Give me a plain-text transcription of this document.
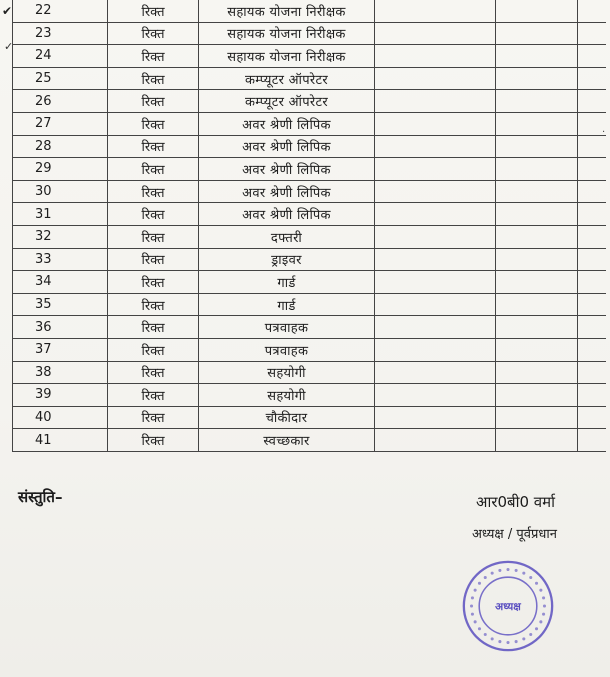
✔
✓
·
22	रिक्त	सहायक योजना निरीक्षक			
23	रिक्त	सहायक योजना निरीक्षक			
24	रिक्त	सहायक योजना निरीक्षक			
25	रिक्त	कम्प्यूटर ऑपरेटर			
26	रिक्त	कम्प्यूटर ऑपरेटर			
27	रिक्त	अवर श्रेणी लिपिक			
28	रिक्त	अवर श्रेणी लिपिक			
29	रिक्त	अवर श्रेणी लिपिक			
30	रिक्त	अवर श्रेणी लिपिक			
31	रिक्त	अवर श्रेणी लिपिक			
32	रिक्त	दफ्तरी			
33	रिक्त	ड्राइवर			
34	रिक्त	गार्ड			
35	रिक्त	गार्ड			
36	रिक्त	पत्रवाहक			
37	रिक्त	पत्रवाहक			
38	रिक्त	सहयोगी			
39	रिक्त	सहयोगी			
40	रिक्त	चौकीदार			
41	रिक्त	स्वच्छकार			
संस्तुति–	आर0बी0 वर्मा
अध्यक्ष / पूर्वप्रधान
अध्यक्ष
